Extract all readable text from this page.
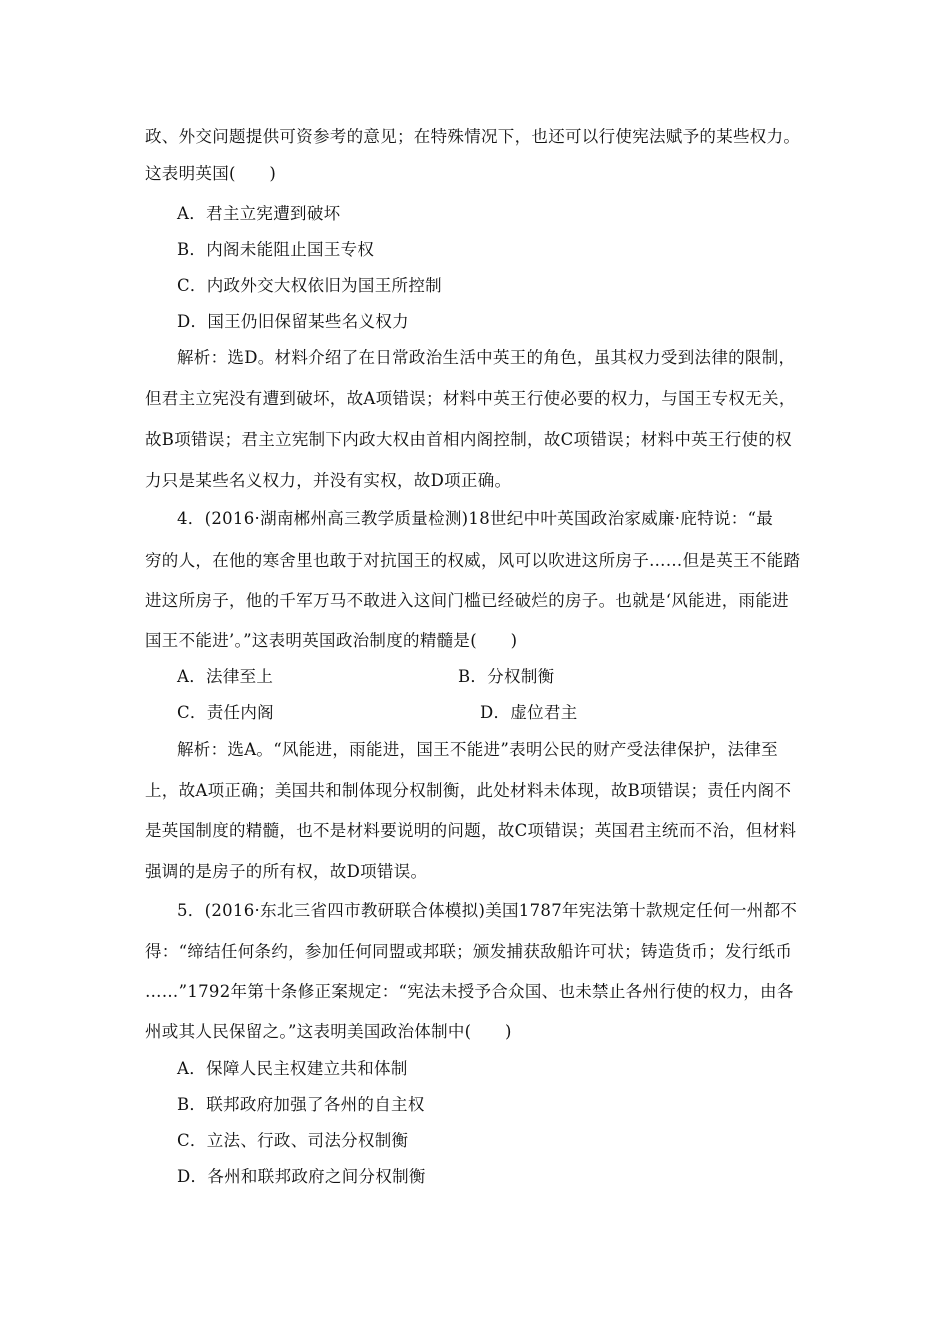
政、外交问题提供可资参考的意见；在特殊情况下，也还可以行使宪法赋予的某些权力。
这表明英国(　　)
A．君主立宪遭到破坏
B．内阁未能阻止国王专权
C．内政外交大权依旧为国王所控制
D．国王仍旧保留某些名义权力
解析：选D。材料介绍了在日常政治生活中英王的角色，虽其权力受到法律的限制，
但君主立宪没有遭到破坏，故A项错误；材料中英王行使必要的权力，与国王专权无关，
故B项错误；君主立宪制下内政大权由首相内阁控制，故C项错误；材料中英王行使的权
力只是某些名义权力，并没有实权，故D项正确。
4．(2016·湖南郴州高三教学质量检测)18世纪中叶英国政治家威廉·庇特说：“最
穷的人，在他的寒舍里也敢于对抗国王的权威，风可以吹进这所房子……但是英王不能踏
进这所房子，他的千军万马不敢进入这间门槛已经破烂的房子。也就是‘风能进，雨能进
国王不能进’。”这表明英国政治制度的精髓是(　　)
A．法律至上	B．分权制衡
C．责任内阁	D．虚位君主
解析：选A。“风能进，雨能进，国王不能进”表明公民的财产受法律保护，法律至
上，故A项正确；美国共和制体现分权制衡，此处材料未体现，故B项错误；责任内阁不
是英国制度的精髓，也不是材料要说明的问题，故C项错误；英国君主统而不治，但材料
强调的是房子的所有权，故D项错误。
5．(2016·东北三省四市教研联合体模拟)美国1787年宪法第十款规定任何一州都不
得：“缔结任何条约，参加任何同盟或邦联；颁发捕获敌船许可状；铸造货币；发行纸币
……”1792年第十条修正案规定：“宪法未授予合众国、也未禁止各州行使的权力，由各
州或其人民保留之。”这表明美国政治体制中(　　)
A．保障人民主权建立共和体制
B．联邦政府加强了各州的自主权
C．立法、行政、司法分权制衡
D．各州和联邦政府之间分权制衡
